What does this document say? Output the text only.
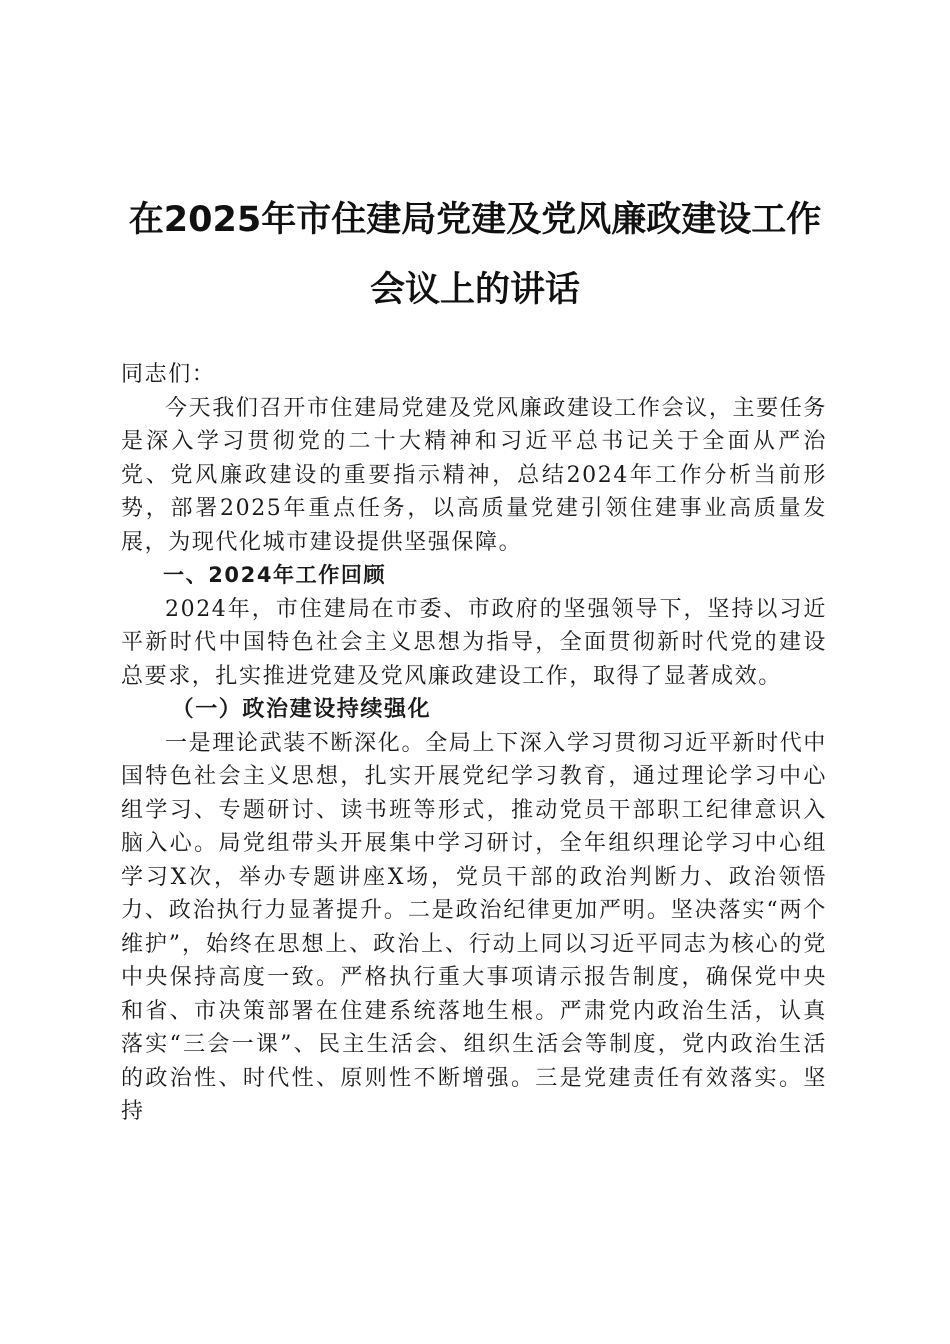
在2025年市住建局党建及党风廉政建设工作
会议上的讲话

同志们：

今天我们召开市住建局党建及党风廉政建设工作会议，主要任务是深入学习贯彻党的二十大精神和习近平总书记关于全面从严治党、党风廉政建设的重要指示精神，总结2024年工作分析当前形势，部署2025年重点任务，以高质量党建引领住建事业高质量发展，为现代化城市建设提供坚强保障。

一、2024年工作回顾

2024年，市住建局在市委、市政府的坚强领导下，坚持以习近平新时代中国特色社会主义思想为指导，全面贯彻新时代党的建设总要求，扎实推进党建及党风廉政建设工作，取得了显著成效。

（一）政治建设持续强化

一是理论武装不断深化。全局上下深入学习贯彻习近平新时代中国特色社会主义思想，扎实开展党纪学习教育，通过理论学习中心组学习、专题研讨、读书班等形式，推动党员干部职工纪律意识入脑入心。局党组带头开展集中学习研讨，全年组织理论学习中心组学习X次，举办专题讲座X场，党员干部的政治判断力、政治领悟力、政治执行力显著提升。二是政治纪律更加严明。坚决落实“两个维护”，始终在思想上、政治上、行动上同以习近平同志为核心的党中央保持高度一致。严格执行重大事项请示报告制度，确保党中央和省、市决策部署在住建系统落地生根。严肃党内政治生活，认真落实“三会一课”、民主生活会、组织生活会等制度，党内政治生活的政治性、时代性、原则性不断增强。三是党建责任有效落实。坚持
